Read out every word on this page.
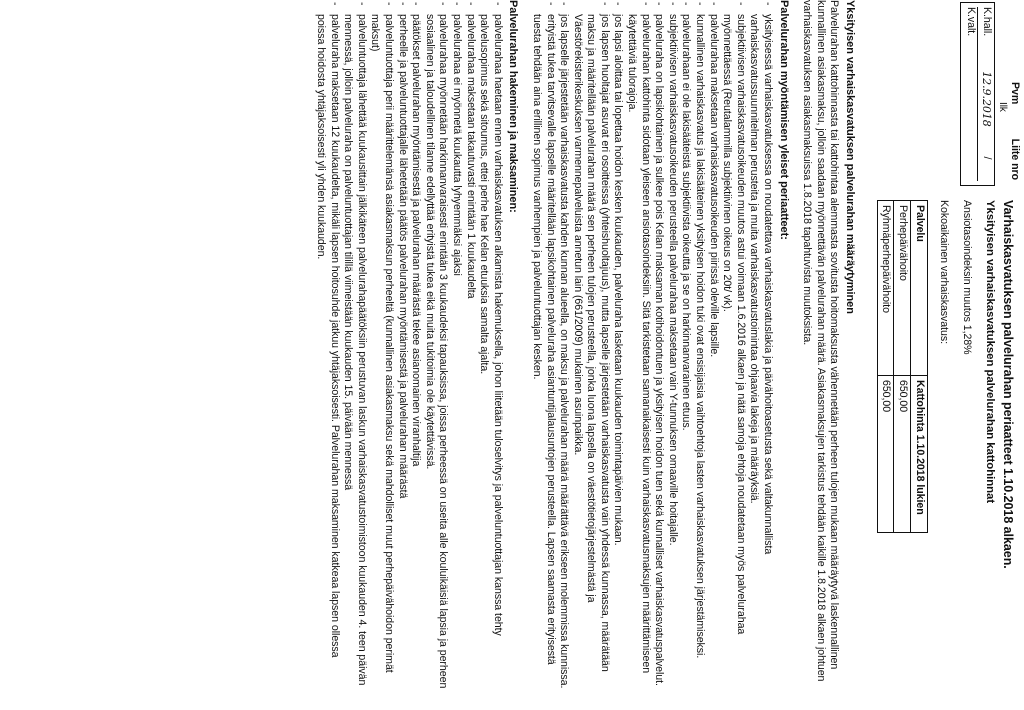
Pvm
Liite nro
Ilk
K.hall.
12.9.2018
/
K.valt.
Varhaiskasvatuksen palvelurahan periaatteet 1.10.2018 alkaen.
Yksityisen varhaiskasvatuksen palvelurahan kattohinnat

Ansiotasoindeksin muutos 1,28%

Kokoaikainen varhaiskasvatus:

Palvelu	Kattohinta 1.10.2018 lukien
Perhepäivähoito	650,00
Ryhmäperhepäivähoito	650,00
Yksityisen varhaiskasvatuksen palvelurahan määräytyminen

Palvelurahan kattohinnasta tai kattohintaa alemmasta sovitusta hoitomaksusta vähennetään perheen tulojen mukaan määräytyvä laskennallinen kunnallinen asiakasmaksu, jolloin saadaan myönnettävän palvelurahan määrä. Asiakasmaksujen tarkistus tehdään kaikille 1.8.2018 alkaen johtuen varhaiskasvatuksen asiakasmaksuissa 1.8.2018 tapahtuvista muutoksista.

Palvelurahan myöntämisen yleiset periaatteet:
- yksityisessä varhaiskasvatuksessa on noudatettava varhaiskasvatuslakia ja päivähoitoasetusta sekä valtakunnallista varhaiskasvatussuunnitelman perusteita ja muita varhaiskasvatustoimintaa ohjaavia lakeja ja määräyksiä.
- subjektiivisen varhaiskasvatusoikeuden muutos astui voimaan 1.6.2016 alkaen ja nätä samoja ehtoja noudatetaan myös palvelurahaa myönnettäessä (Reutalammilla subjektiivinen oikeus on 20t/ vk).
- palvelurahaa maksetaan varhaiskasvatusoikeuden piirissä oleville lapsille.
- kunnallinen varhaiskasvatus ja lakisääteinen yksityisen hoidon tuki ovat ensisijaisia vaihtoehtoja lasten varhaiskasvatuksen järjestämiseksi.
- palvelurahaan ei ole lakisääteistä subjektiivista oikeutta ja se on harkinnanvarainen etuus.
- subjektiivisen varhaiskasvatusoikeuden perusteella palvelurahaa maksetaan vain Y-tunnuksen omaaville hoitajalle.
- palveluraha on lapsikohtainen ja sulkee pois Kelan maksaman kotihoidontuen ja yksityisen hoidon tuen sekä kunnalliset varhaiskasvatuspalvelut.
- palvelurahan kattohinta sidotaan yleiseen ansiotasoindeksiin. Sitä tarkistetaan samanaikaisesti kuin varhaiskasvatusmaksujen määrittämiseen käytettäviä tulorajoja.
- jos lapsi aloittaa tai lopettaa hoidon kesken kuukauden, palveluraha lasketaan kuukauden toimintapäivien mukaan.
- jos lapsen huoltajat asuvat eri osoitteissa (yhteishuoltajuus), mutta lapselle järjestetään varhaiskasvatusta vain yhdessä kunnassa, määrätään maksu ja määritellään palvelurahan määrä sen perheen tulojen perusteella, jonka luona lapsella on väestötietojärjestelmästä ja Väestörekisterikeskuksen varmennepalveluista annetun lain (661/2009) mukainen asuinpaikka.
- jos lapselle järjestetään varhaiskasvatusta kahden kunnan alueella, on maksu ja palvelurahan määrä määrättävä erikseen molemmissa kunnissa.
- erityistä tukea tarvitsevalle lapselle määritellään lapsikohtainen palveluraha asiantuntijalausuntojen perusteella. Lapsen saamasta erityisestä tuesta tehdään aina erillinen sopimus vanhempien ja palveluntuottajan kesken.
Palvelurahan hakeminen ja maksaminen:
- palvelurahaa haetaan ennen varhaiskasvatuksen alkamista hakemuksella, johon liitetään tuloselvitys ja palveluntuottajan kanssa tehty palvelusopimus sekä sitoumus, ettei perhe hae Kelan etuuksia samalta ajalta.
- palvelurahaa maksetaan takautuvasti enintään 1 kuukaudelta
- palvelurahaa ei myönnetä kuukautta lyhyemmäksi ajaksi
- palvelurahaa myönnetään harkinnanvaraisesti enintään 3 kuukaudeksi tapauksissa, joissa perheessä on useita alle kouluikäisiä lapsia ja perheen sosiaalinen ja taloudellinen tilanne edellyttää erityistä tukea eikä muita tukitoimia ole käytettävissä.
- päätökset palvelurahan myöntämisestä ja palvelurahan määrästä tekee asianomainen viranhaltija
- perheelle ja palveluntuottajalle lähetetään päätös palvelurahan myöntämisestä ja palvelurahan määrästä
- palveluntuottaja perii määrittelemänsä asiakasmaksun perheeltä (kunnallinen asiakasmaksu sekä mahdolliset muut perhepäivähoidon perimät maksut)
- palveluntuottaja lähettää kuukausittain jälkikäteen palvelurahapäätöksiin perustuvan laskun varhaiskasvatustoimistoon kuukauden 4. teen päivän mennessä, jolloin palveluraha on palveluntuottajan tilillä viimeistään kuukauden 15. päivään mennessä
- palveluraha maksetaan 12 kuukaudelta, mikäli lapsen hoitosuhde jatkuu yhtäjaksoisesti. Palvelurahan maksaminen katkeaa lapsen ollessa poissa hoidosta yhtäjaksoisesti yli yhden kuukauden.
